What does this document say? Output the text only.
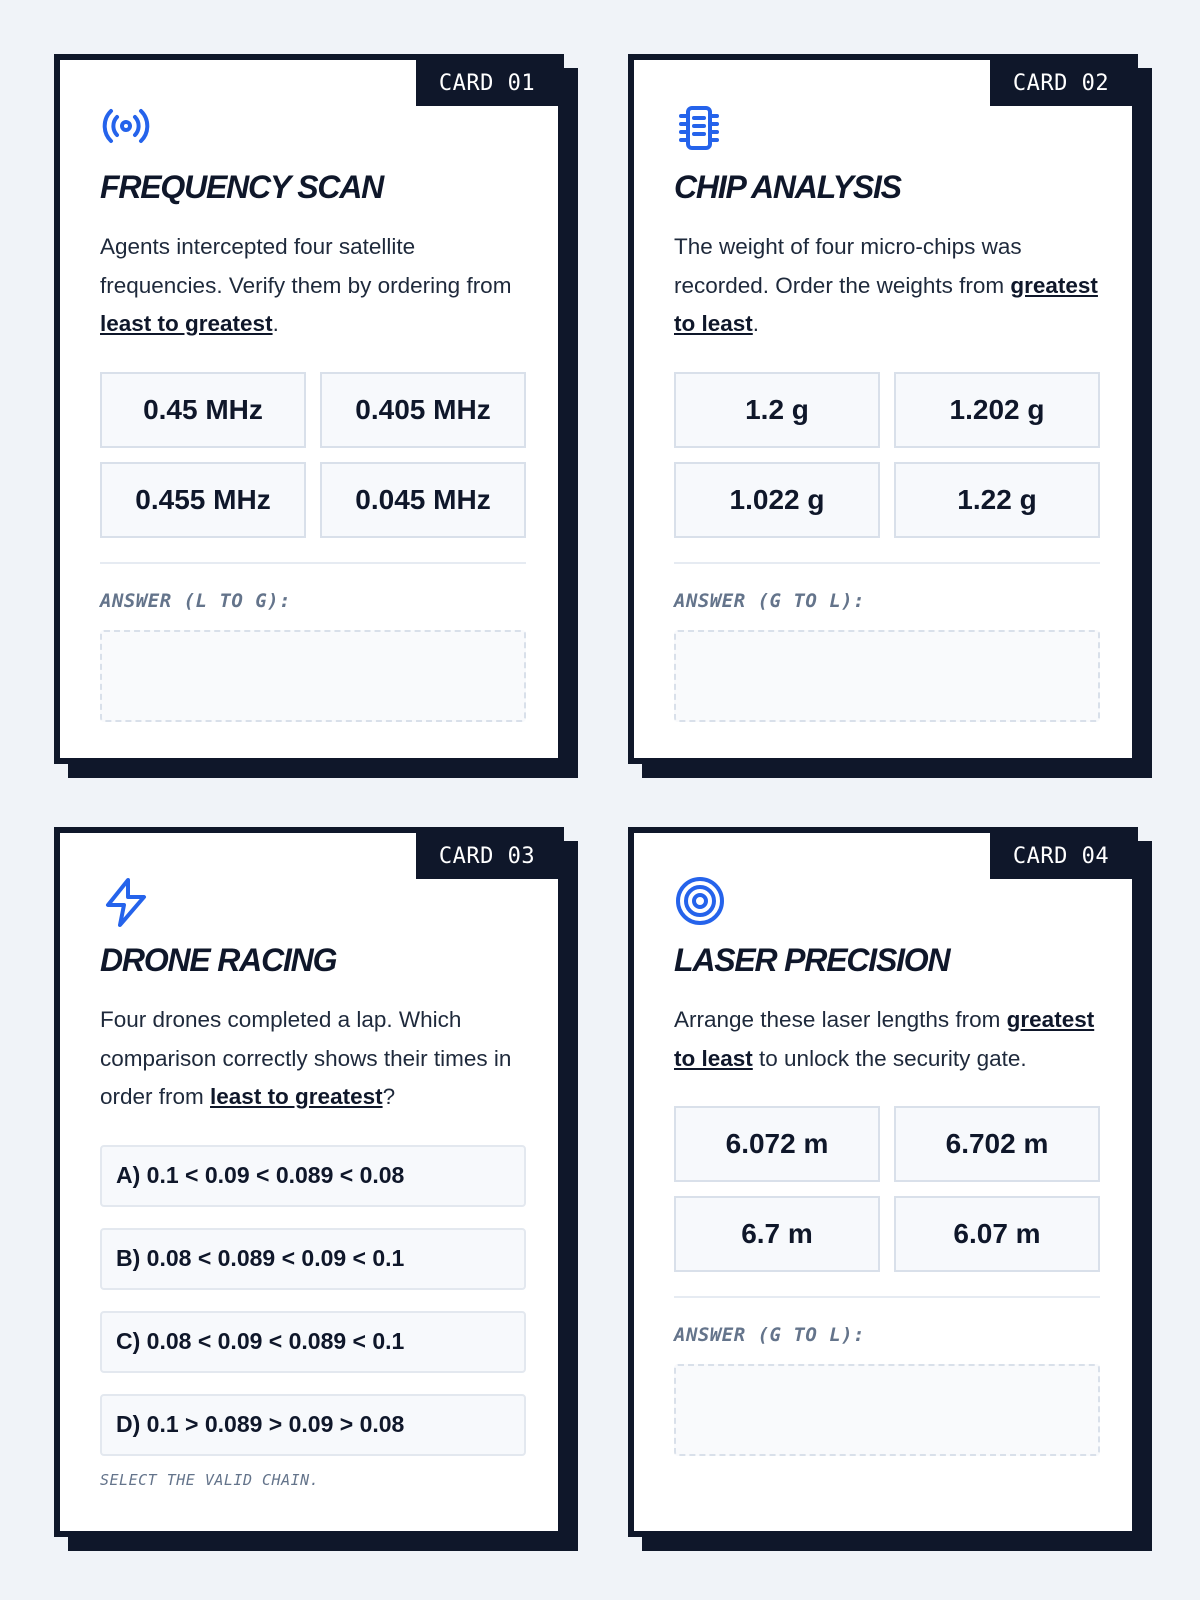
CARD 01
FREQUENCY SCAN
Agents intercepted four satellite frequencies. Verify them by ordering from least to greatest.
0.45 MHz	0.405 MHz
0.455 MHz	0.045 MHz
ANSWER (L TO G):
CARD 02
CHIP ANALYSIS
The weight of four micro-chips was recorded. Order the weights from greatest to least.
1.2 g	1.202 g
1.022 g	1.22 g
ANSWER (G TO L):
CARD 03
DRONE RACING
Four drones completed a lap. Which comparison correctly shows their times in order from least to greatest?
A) 0.1 < 0.09 < 0.089 < 0.08
B) 0.08 < 0.089 < 0.09 < 0.1
C) 0.08 < 0.09 < 0.089 < 0.1
D) 0.1 > 0.089 > 0.09 > 0.08
SELECT THE VALID CHAIN.
CARD 04
LASER PRECISION
Arrange these laser lengths from greatest to least to unlock the security gate.
6.072 m	6.702 m
6.7 m	6.07 m
ANSWER (G TO L):
